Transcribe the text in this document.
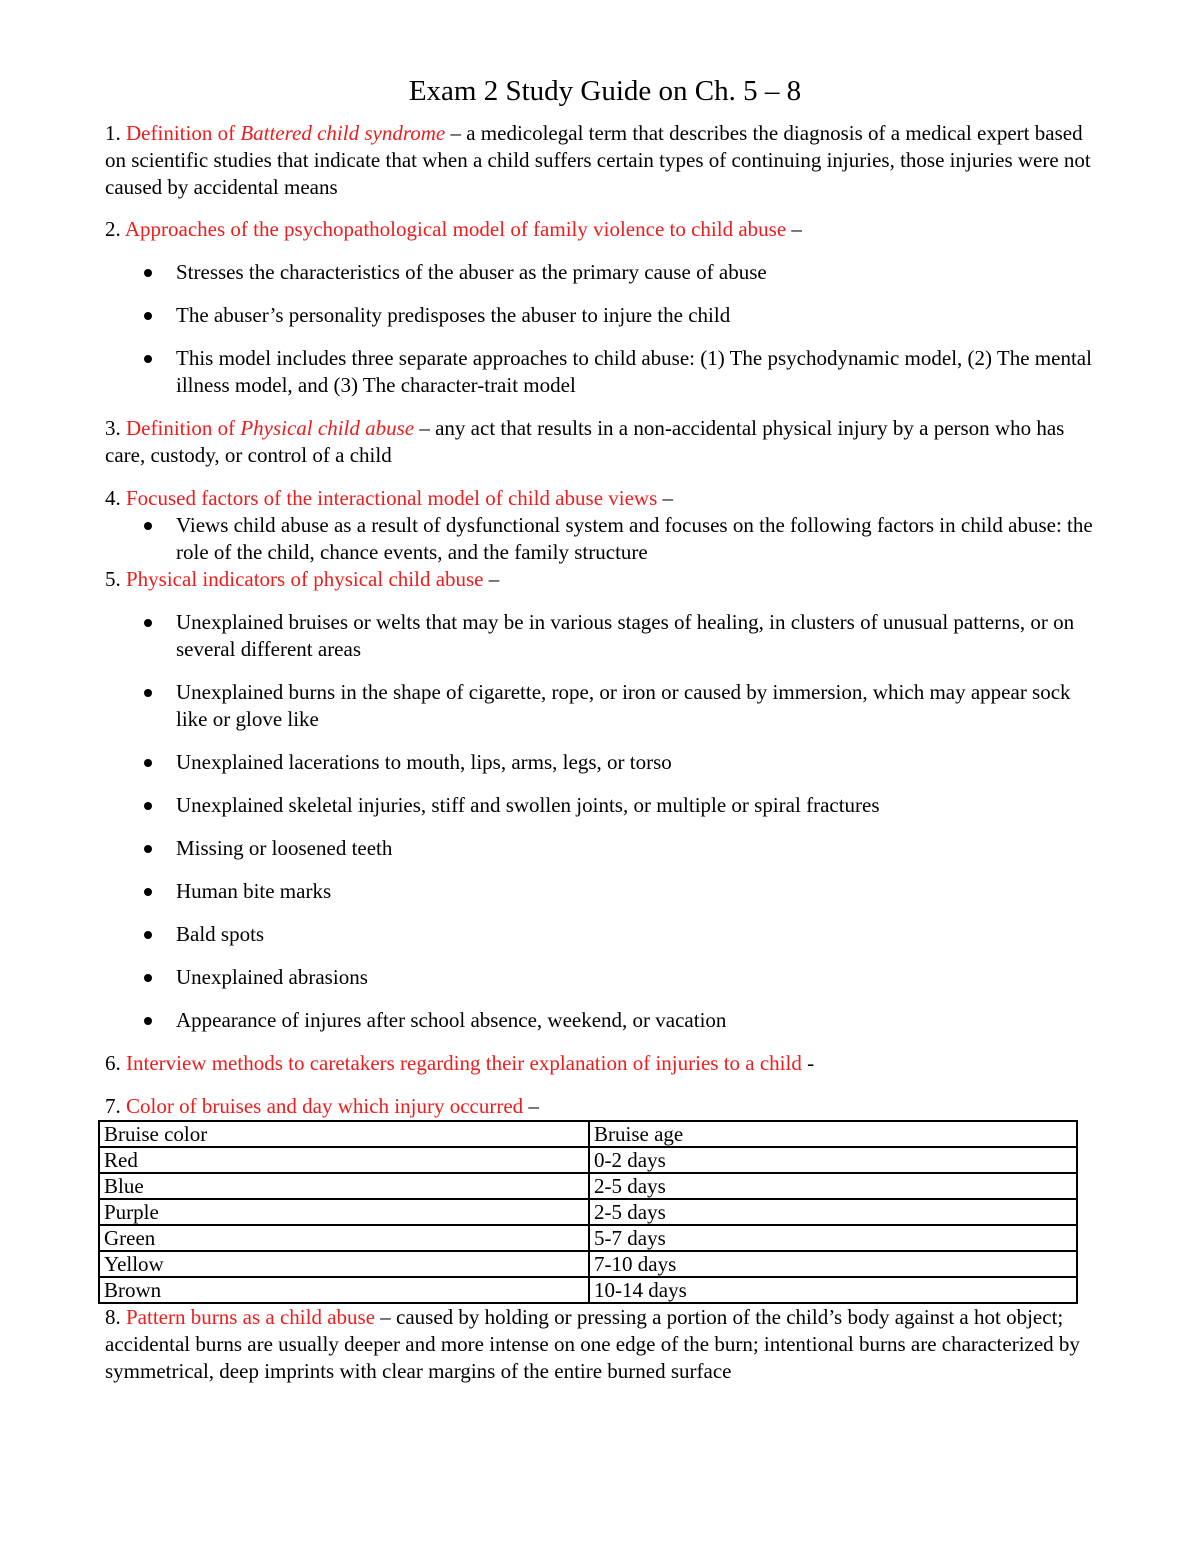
Exam 2 Study Guide on Ch. 5 – 8

1. Definition of Battered child syndrome – a medicolegal term that describes the diagnosis of a medical expert based on scientific studies that indicate that when a child suffers certain types of continuing injuries, those injuries were not caused by accidental means

2. Approaches of the psychopathological model of family violence to child abuse –

Stresses the characteristics of the abuser as the primary cause of abuse
The abuser’s personality predisposes the abuser to injure the child
This model includes three separate approaches to child abuse: (1) The psychodynamic model, (2) The mental illness model, and (3) The character-trait model

3. Definition of Physical child abuse – any act that results in a non-accidental physical injury by a person who has care, custody, or control of a child

4. Focused factors of the interactional model of child abuse views –

Views child abuse as a result of dysfunctional system and focuses on the following factors in child abuse: the role of the child, chance events, and the family structure

5. Physical indicators of physical child abuse –

Unexplained bruises or welts that may be in various stages of healing, in clusters of unusual patterns, or on several different areas
Unexplained burns in the shape of cigarette, rope, or iron or caused by immersion, which may appear sock like or glove like
Unexplained lacerations to mouth, lips, arms, legs, or torso
Unexplained skeletal injuries, stiff and swollen joints, or multiple or spiral fractures
Missing or loosened teeth
Human bite marks
Bald spots
Unexplained abrasions
Appearance of injures after school absence, weekend, or vacation

6. Interview methods to caretakers regarding their explanation of injuries to a child -

7. Color of bruises and day which injury occurred –

Bruise color	Bruise age
Red	0-2 days
Blue	2-5 days
Purple	2-5 days
Green	5-7 days
Yellow	7-10 days
Brown	10-14 days

8. Pattern burns as a child abuse – caused by holding or pressing a portion of the child’s body against a hot object; accidental burns are usually deeper and more intense on one edge of the burn; intentional burns are characterized by symmetrical, deep imprints with clear margins of the entire burned surface
